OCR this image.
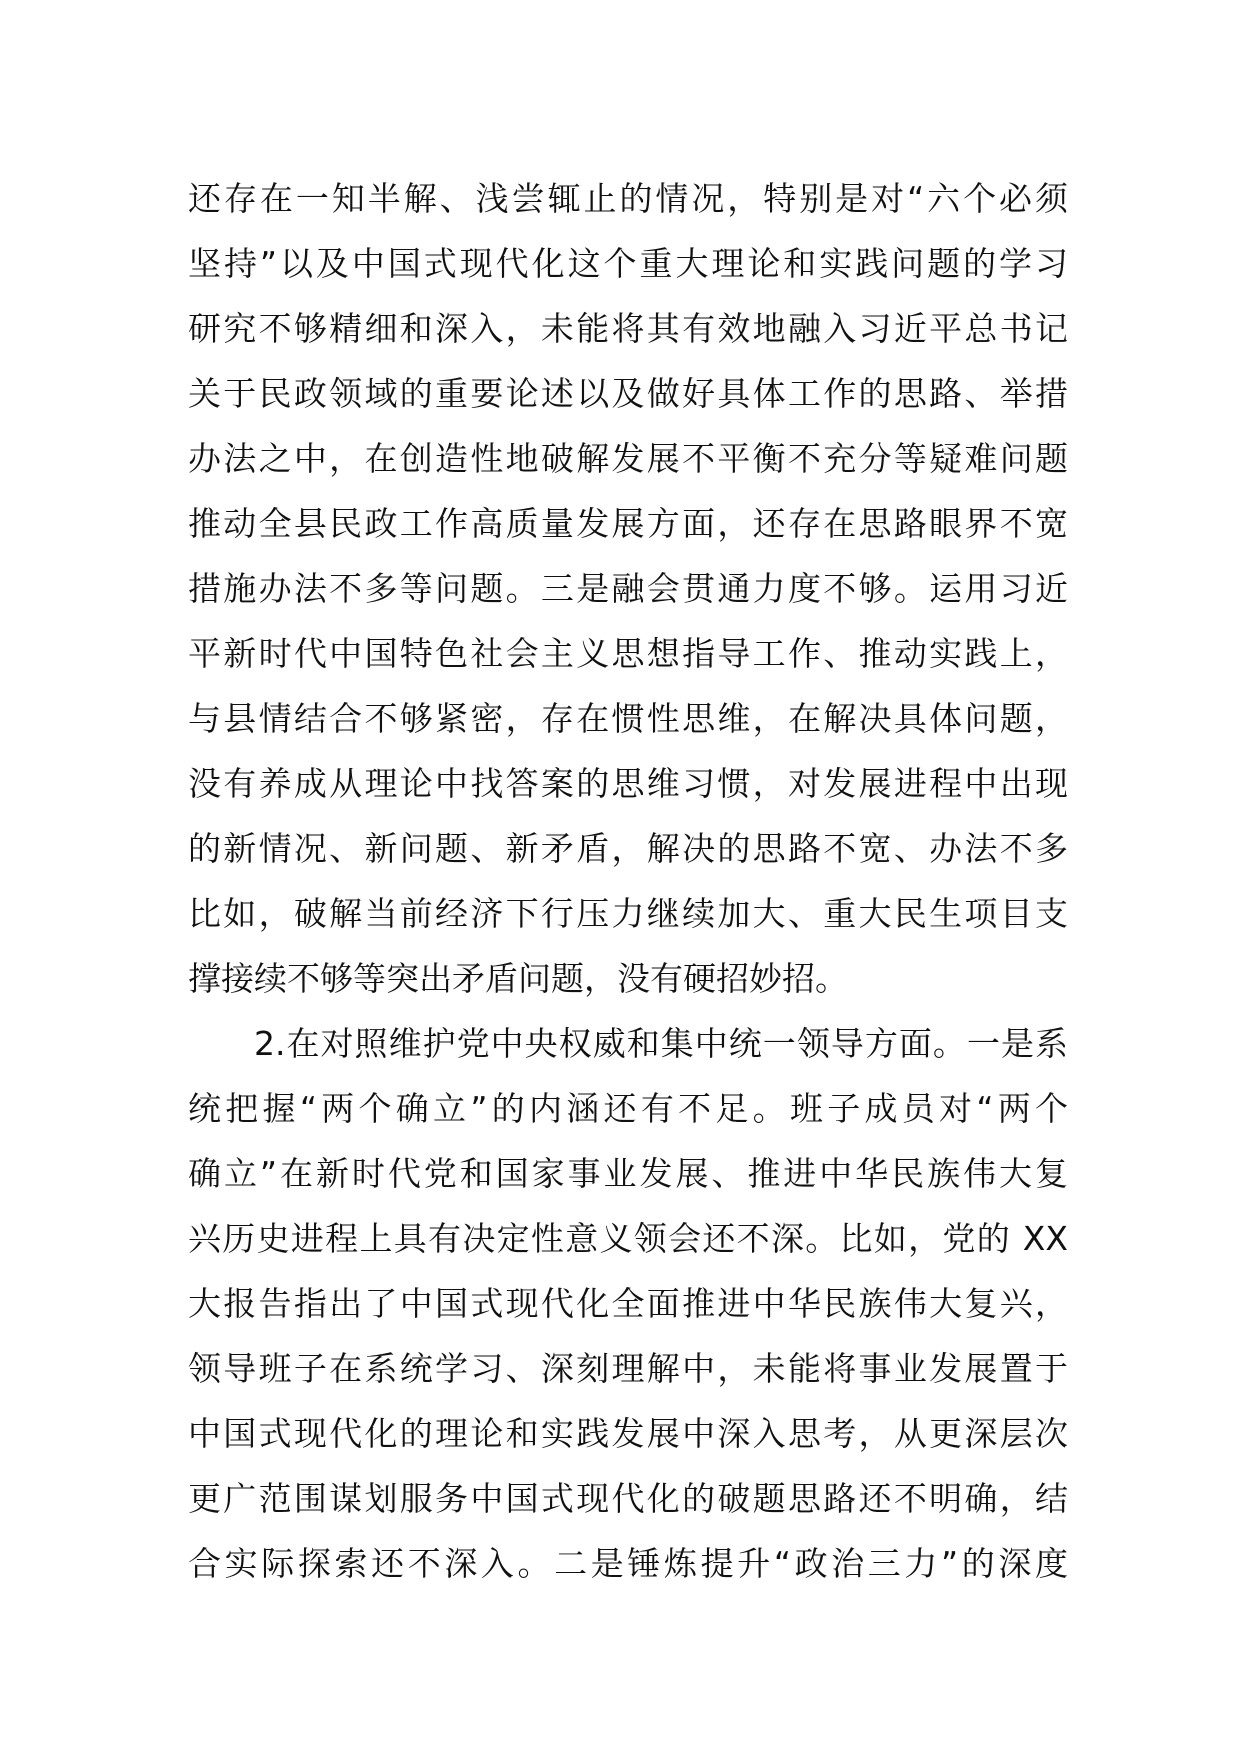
还存在一知半解、浅尝辄止的情况，特别是对“六个必须
坚持”以及中国式现代化这个重大理论和实践问题的学习
研究不够精细和深入，未能将其有效地融入习近平总书记
关于民政领域的重要论述以及做好具体工作的思路、举措
办法之中，在创造性地破解发展不平衡不充分等疑难问题
推动全县民政工作高质量发展方面，还存在思路眼界不宽
措施办法不多等问题。三是融会贯通力度不够。运用习近
平新时代中国特色社会主义思想指导工作、推动实践上，
与县情结合不够紧密，存在惯性思维，在解决具体问题，
没有养成从理论中找答案的思维习惯，对发展进程中出现
的新情况、新问题、新矛盾，解决的思路不宽、办法不多
比如，破解当前经济下行压力继续加大、重大民生项目支
撑接续不够等突出矛盾问题，没有硬招妙招。
2.在对照维护党中央权威和集中统一领导方面。一是系
统把握“两个确立”的内涵还有不足。班子成员对“两个
确立”在新时代党和国家事业发展、推进中华民族伟大复
兴历史进程上具有决定性意义领会还不深。比如，党的 XX
大报告指出了中国式现代化全面推进中华民族伟大复兴，
领导班子在系统学习、深刻理解中，未能将事业发展置于
中国式现代化的理论和实践发展中深入思考，从更深层次
更广范围谋划服务中国式现代化的破题思路还不明确，结
合实际探索还不深入。二是锤炼提升“政治三力”的深度
